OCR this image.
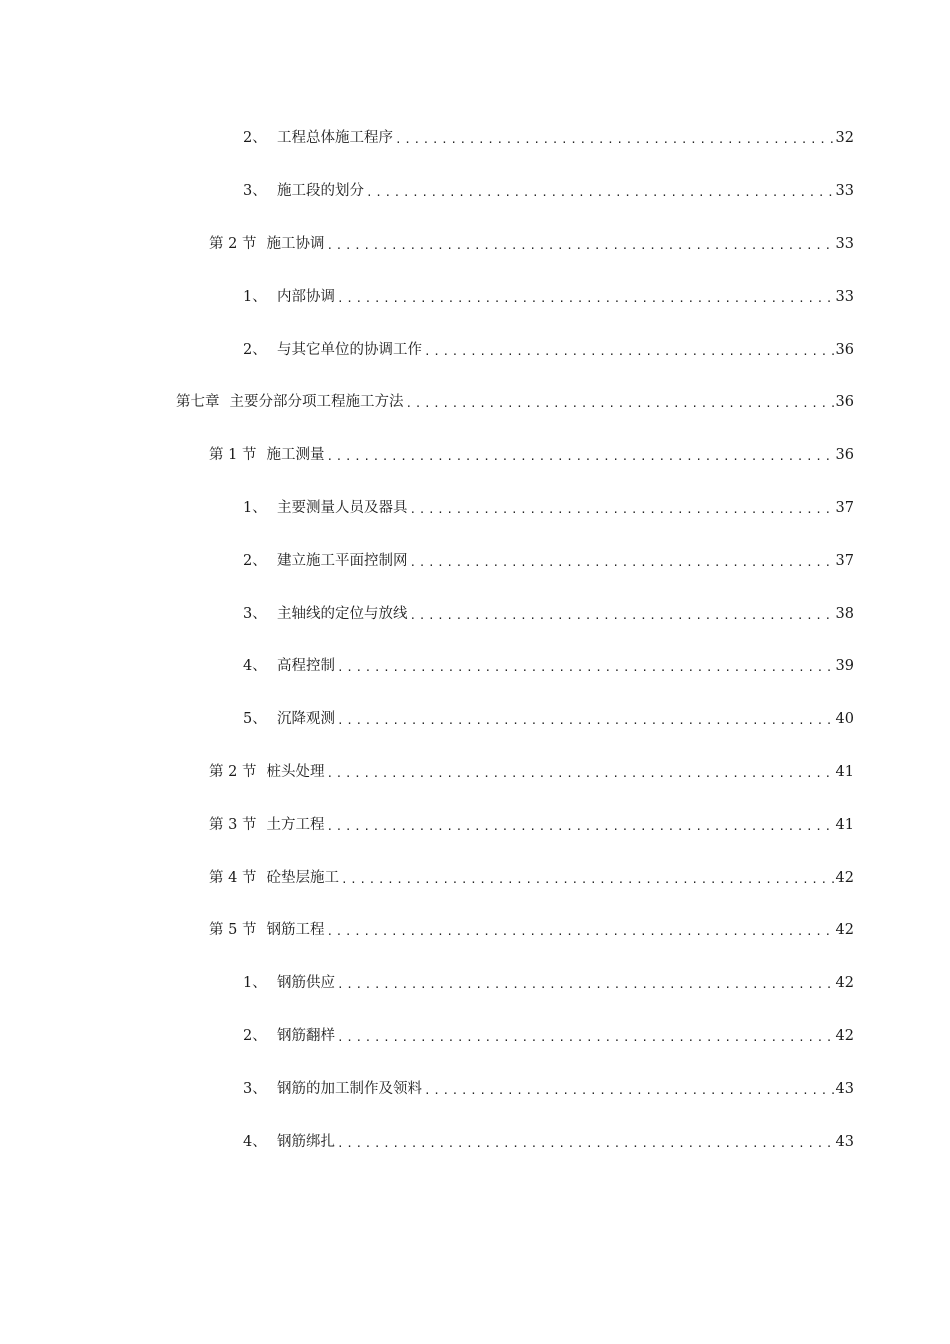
2、 工程总体施工程序 .....	32
3、 施工段的划分 .....	33
第 2 节 施工协调 .....	33
1、 内部协调 .....	33
2、 与其它单位的协调工作 .....	36
第七章 主要分部分项工程施工方法 .....	36
第 1 节 施工测量 .....	36
1、 主要测量人员及器具 .....	37
2、 建立施工平面控制网 .....	37
3、 主轴线的定位与放线 .....	38
4、 高程控制 .....	39
5、 沉降观测 .....	40
第 2 节 桩头处理 .....	41
第 3 节 土方工程 .....	41
第 4 节 砼垫层施工 .....	42
第 5 节 钢筋工程 .....	42
1、 钢筋供应 .....	42
2、 钢筋翻样 .....	42
3、 钢筋的加工制作及领料 .....	43
4、 钢筋绑扎 .....	43
